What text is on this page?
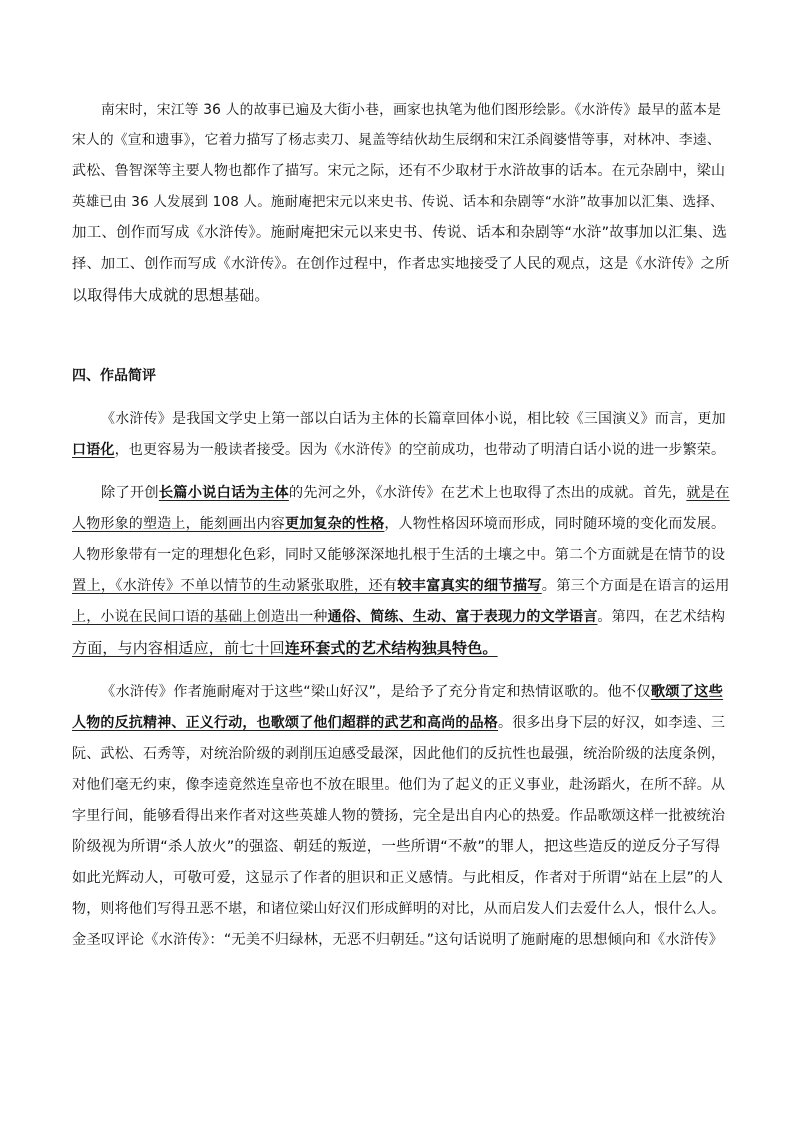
南宋时，宋江等 36 人的故事已遍及大街小巷，画家也执笔为他们图形绘影。《水浒传》最早的蓝本是
宋人的《宣和遗事》，它着力描写了杨志卖刀、晁盖等结伙劫生辰纲和宋江杀阎婆惜等事，对林冲、李逵、
武松、鲁智深等主要人物也都作了描写。宋元之际，还有不少取材于水浒故事的话本。在元杂剧中，梁山
英雄已由 36 人发展到 108 人。施耐庵把宋元以来史书、传说、话本和杂剧等“水浒”故事加以汇集、选择、
加工、创作而写成《水浒传》。施耐庵把宋元以来史书、传说、话本和杂剧等“水浒”故事加以汇集、选
择、加工、创作而写成《水浒传》。在创作过程中，作者忠实地接受了人民的观点，这是《水浒传》之所
以取得伟大成就的思想基础。
四、作品简评
《水浒传》是我国文学史上第一部以白话为主体的长篇章回体小说，相比较《三国演义》而言，更加
口语化，也更容易为一般读者接受。因为《水浒传》的空前成功，也带动了明清白话小说的进一步繁荣。
除了开创长篇小说白话为主体的先河之外，《水浒传》在艺术上也取得了杰出的成就。首先，就是在
人物形象的塑造上，能刻画出内容更加复杂的性格，人物性格因环境而形成，同时随环境的变化而发展。
人物形象带有一定的理想化色彩，同时又能够深深地扎根于生活的土壤之中。第二个方面就是在情节的设
置上，《水浒传》不单以情节的生动紧张取胜，还有较丰富真实的细节描写。第三个方面是在语言的运用
上，小说在民间口语的基础上创造出一种通俗、简练、生动、富于表现力的文学语言。第四，在艺术结构
方面，与内容相适应，前七十回连环套式的艺术结构独具特色。
《水浒传》作者施耐庵对于这些“梁山好汉”，是给予了充分肯定和热情讴歌的。他不仅歌颂了这些
人物的反抗精神、正义行动，也歌颂了他们超群的武艺和高尚的品格。很多出身下层的好汉，如李逵、三
阮、武松、石秀等，对统治阶级的剥削压迫感受最深，因此他们的反抗性也最强，统治阶级的法度条例，
对他们毫无约束，像李逵竟然连皇帝也不放在眼里。他们为了起义的正义事业，赴汤蹈火，在所不辞。从
字里行间，能够看得出来作者对这些英雄人物的赞扬，完全是出自内心的热爱。作品歌颂这样一批被统治
阶级视为所谓“杀人放火”的强盗、朝廷的叛逆，一些所谓“不赦”的罪人，把这些造反的逆反分子写得
如此光辉动人，可敬可爱，这显示了作者的胆识和正义感情。与此相反，作者对于所谓“站在上层”的人
物，则将他们写得丑恶不堪，和诸位梁山好汉们形成鲜明的对比，从而启发人们去爱什么人，恨什么人。
金圣叹评论《水浒传》：“无美不归绿林，无恶不归朝廷。”这句话说明了施耐庵的思想倾向和《水浒传》
